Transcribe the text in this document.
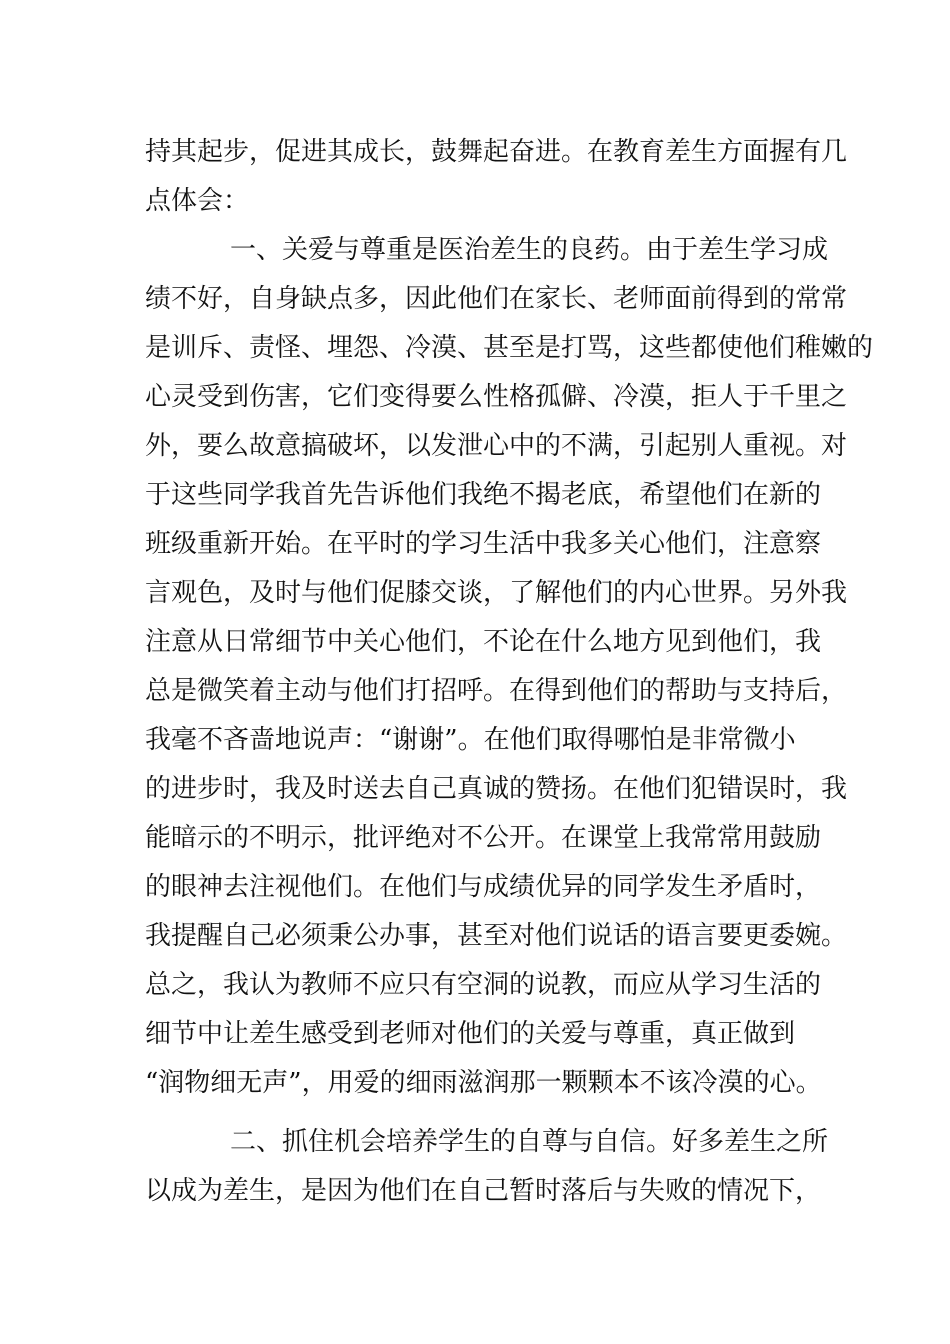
持其起步，促进其成长，鼓舞起奋进。在教育差生方面握有几
点体会：
一、关爱与尊重是医治差生的良药。由于差生学习成
绩不好，自身缺点多，因此他们在家长、老师面前得到的常常
是训斥、责怪、埋怨、冷漠、甚至是打骂，这些都使他们稚嫩的
心灵受到伤害，它们变得要么性格孤僻、冷漠，拒人于千里之
外，要么故意搞破坏，以发泄心中的不满，引起别人重视。对
于这些同学我首先告诉他们我绝不揭老底，希望他们在新的
班级重新开始。在平时的学习生活中我多关心他们，注意察
言观色，及时与他们促膝交谈，了解他们的内心世界。另外我
注意从日常细节中关心他们，不论在什么地方见到他们，我
总是微笑着主动与他们打招呼。在得到他们的帮助与支持后，
我毫不吝啬地说声：“谢谢”。在他们取得哪怕是非常微小
的进步时，我及时送去自己真诚的赞扬。在他们犯错误时，我
能暗示的不明示，批评绝对不公开。在课堂上我常常用鼓励
的眼神去注视他们。在他们与成绩优异的同学发生矛盾时，
我提醒自己必须秉公办事，甚至对他们说话的语言要更委婉。
总之，我认为教师不应只有空洞的说教，而应从学习生活的
细节中让差生感受到老师对他们的关爱与尊重，真正做到
“润物细无声”，用爱的细雨滋润那一颗颗本不该冷漠的心。
二、抓住机会培养学生的自尊与自信。好多差生之所
以成为差生，是因为他们在自己暂时落后与失败的情况下，
